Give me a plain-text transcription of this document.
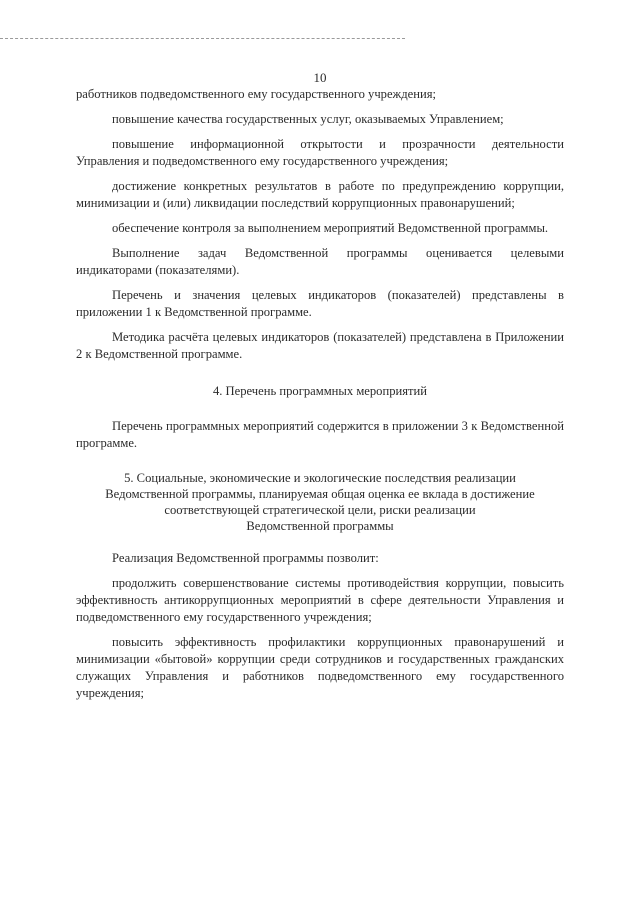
10

работников подведомственного ему государственного учреждения;

повышение качества государственных услуг, оказываемых Управлением;

повышение информационной открытости и прозрачности деятельности Управления и подведомственного ему государственного учреждения;

достижение конкретных результатов в работе по предупреждению коррупции, минимизации и (или) ликвидации последствий коррупционных правонарушений;

обеспечение контроля за выполнением мероприятий Ведомственной программы.

Выполнение задач Ведомственной программы оценивается целевыми индикаторами (показателями).

Перечень и значения целевых индикаторов (показателей) представлены в приложении 1 к Ведомственной программе.

Методика расчёта целевых индикаторов (показателей) представлена в Приложении 2 к Ведомственной программе.

4. Перечень программных мероприятий

Перечень программных мероприятий содержится в приложении 3 к Ведомственной программе.

5. Социальные, экономические и экологические последствия реализации

Ведомственной программы, планируемая общая оценка ее вклада в достижение

соответствующей стратегической цели, риски реализации

Ведомственной программы

Реализация Ведомственной программы позволит:

продолжить совершенствование системы противодействия коррупции, повысить эффективность антикоррупционных мероприятий в сфере деятельности Управления и подведомственного ему государственного учреждения;

повысить эффективность профилактики коррупционных правонарушений и минимизации «бытовой» коррупции среди сотрудников и государственных гражданских служащих Управления и работников подведомственного ему государственного учреждения;
